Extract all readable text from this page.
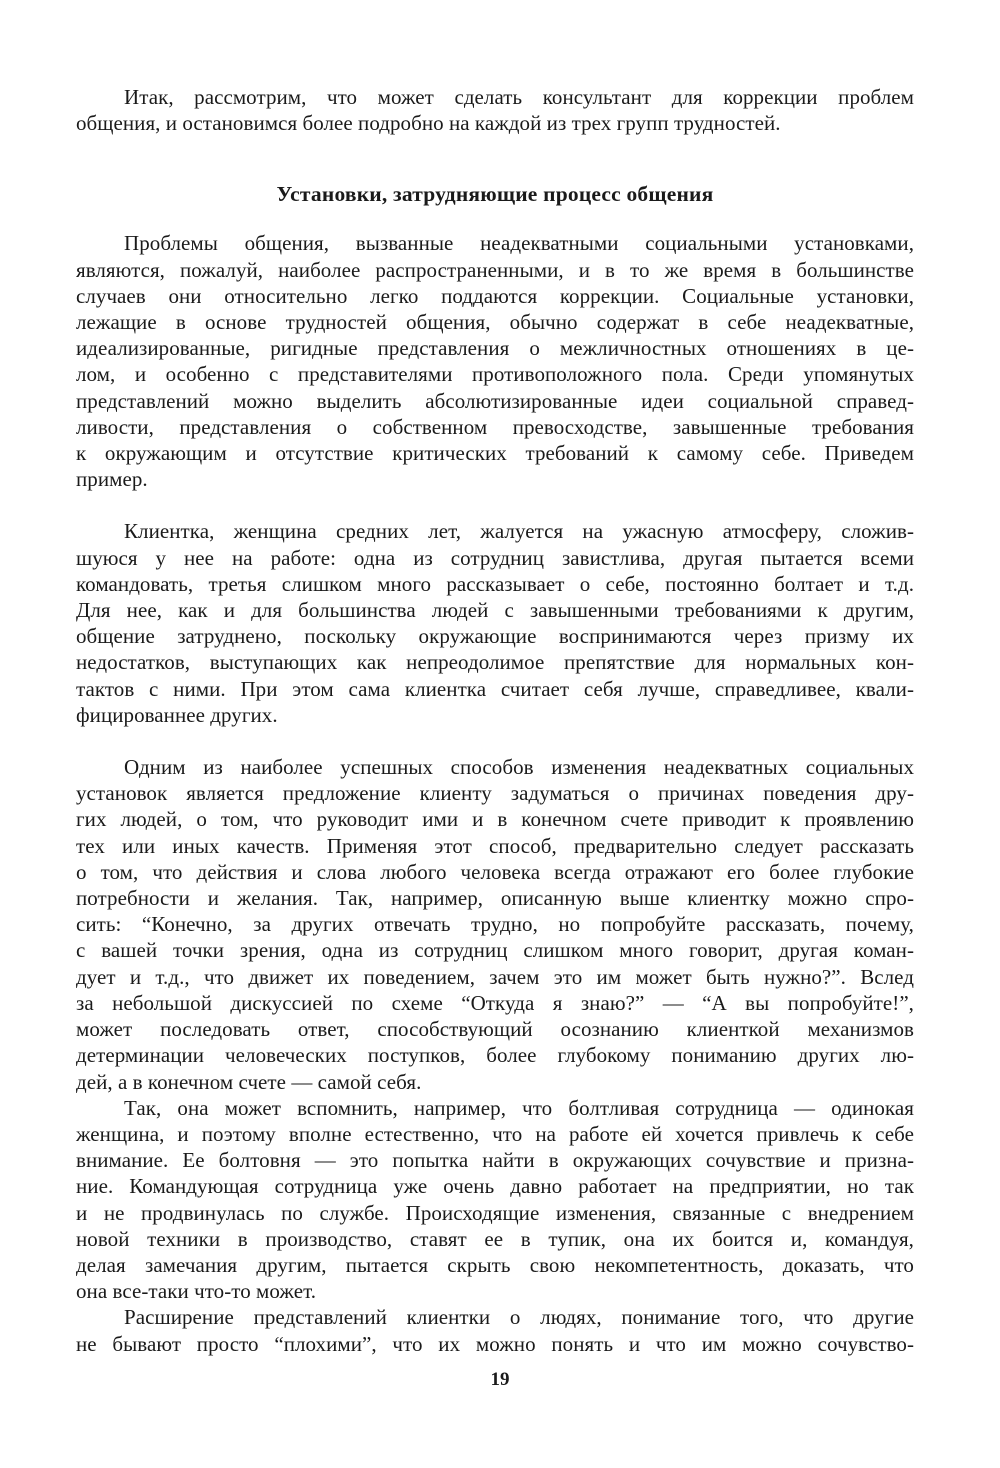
Итак, рассмотрим, что может сделать консультант для коррекции проблем
общения, и остановимся более подробно на каждой из трех групп трудностей.
Установки, затрудняющие процесс общения
Проблемы общения, вызванные неадекватными социальными установками,
являются, пожалуй, наиболее распространенными, и в то же время в большинстве
случаев они относительно легко поддаются коррекции. Социальные установки,
лежащие в основе трудностей общения, обычно содержат в себе неадекватные,
идеализированные, ригидные представления о межличностных отношениях в це-
лом, и особенно с представителями противоположного пола. Среди упомянутых
представлений можно выделить абсолютизированные идеи социальной справед-
ливости, представления о собственном превосходстве, завышенные требования
к окружающим и отсутствие критических требований к самому себе. Приведем
пример.
Клиентка, женщина средних лет, жалуется на ужасную атмосферу, сложив-
шуюся у нее на работе: одна из сотрудниц завистлива, другая пытается всеми
командовать, третья слишком много рассказывает о себе, постоянно болтает и т.д.
Для нее, как и для большинства людей с завышенными требованиями к другим,
общение затруднено, поскольку окружающие воспринимаются через призму их
недостатков, выступающих как непреодолимое препятствие для нормальных кон-
тактов с ними. При этом сама клиентка считает себя лучше, справедливее, квали-
фицированнее других.
Одним из наиболее успешных способов изменения неадекватных социальных
установок является предложение клиенту задуматься о причинах поведения дру-
гих людей, о том, что руководит ими и в конечном счете приводит к проявлению
тех или иных качеств. Применяя этот способ, предварительно следует рассказать
о том, что действия и слова любого человека всегда отражают его более глубокие
потребности и желания. Так, например, описанную выше клиентку можно спро-
сить: “Конечно, за других отвечать трудно, но попробуйте рассказать, почему,
с вашей точки зрения, одна из сотрудниц слишком много говорит, другая коман-
дует и т.д., что движет их поведением, зачем это им может быть нужно?”. Вслед
за небольшой дискуссией по схеме “Откуда я знаю?” — “А вы попробуйте!”,
может последовать ответ, способствующий осознанию клиенткой механизмов
детерминации человеческих поступков, более глубокому пониманию других лю-
дей, а в конечном счете — самой себя.
Так, она может вспомнить, например, что болтливая сотрудница — одинокая
женщина, и поэтому вполне естественно, что на работе ей хочется привлечь к себе
внимание. Ее болтовня — это попытка найти в окружающих сочувствие и призна-
ние. Командующая сотрудница уже очень давно работает на предприятии, но так
и не продвинулась по службе. Происходящие изменения, связанные с внедрением
новой техники в производство, ставят ее в тупик, она их боится и, командуя,
делая замечания другим, пытается скрыть свою некомпетентность, доказать, что
она все-таки что-то может.
Расширение представлений клиентки о людях, понимание того, что другие
не бывают просто “плохими”, что их можно понять и что им можно сочувство-
19
